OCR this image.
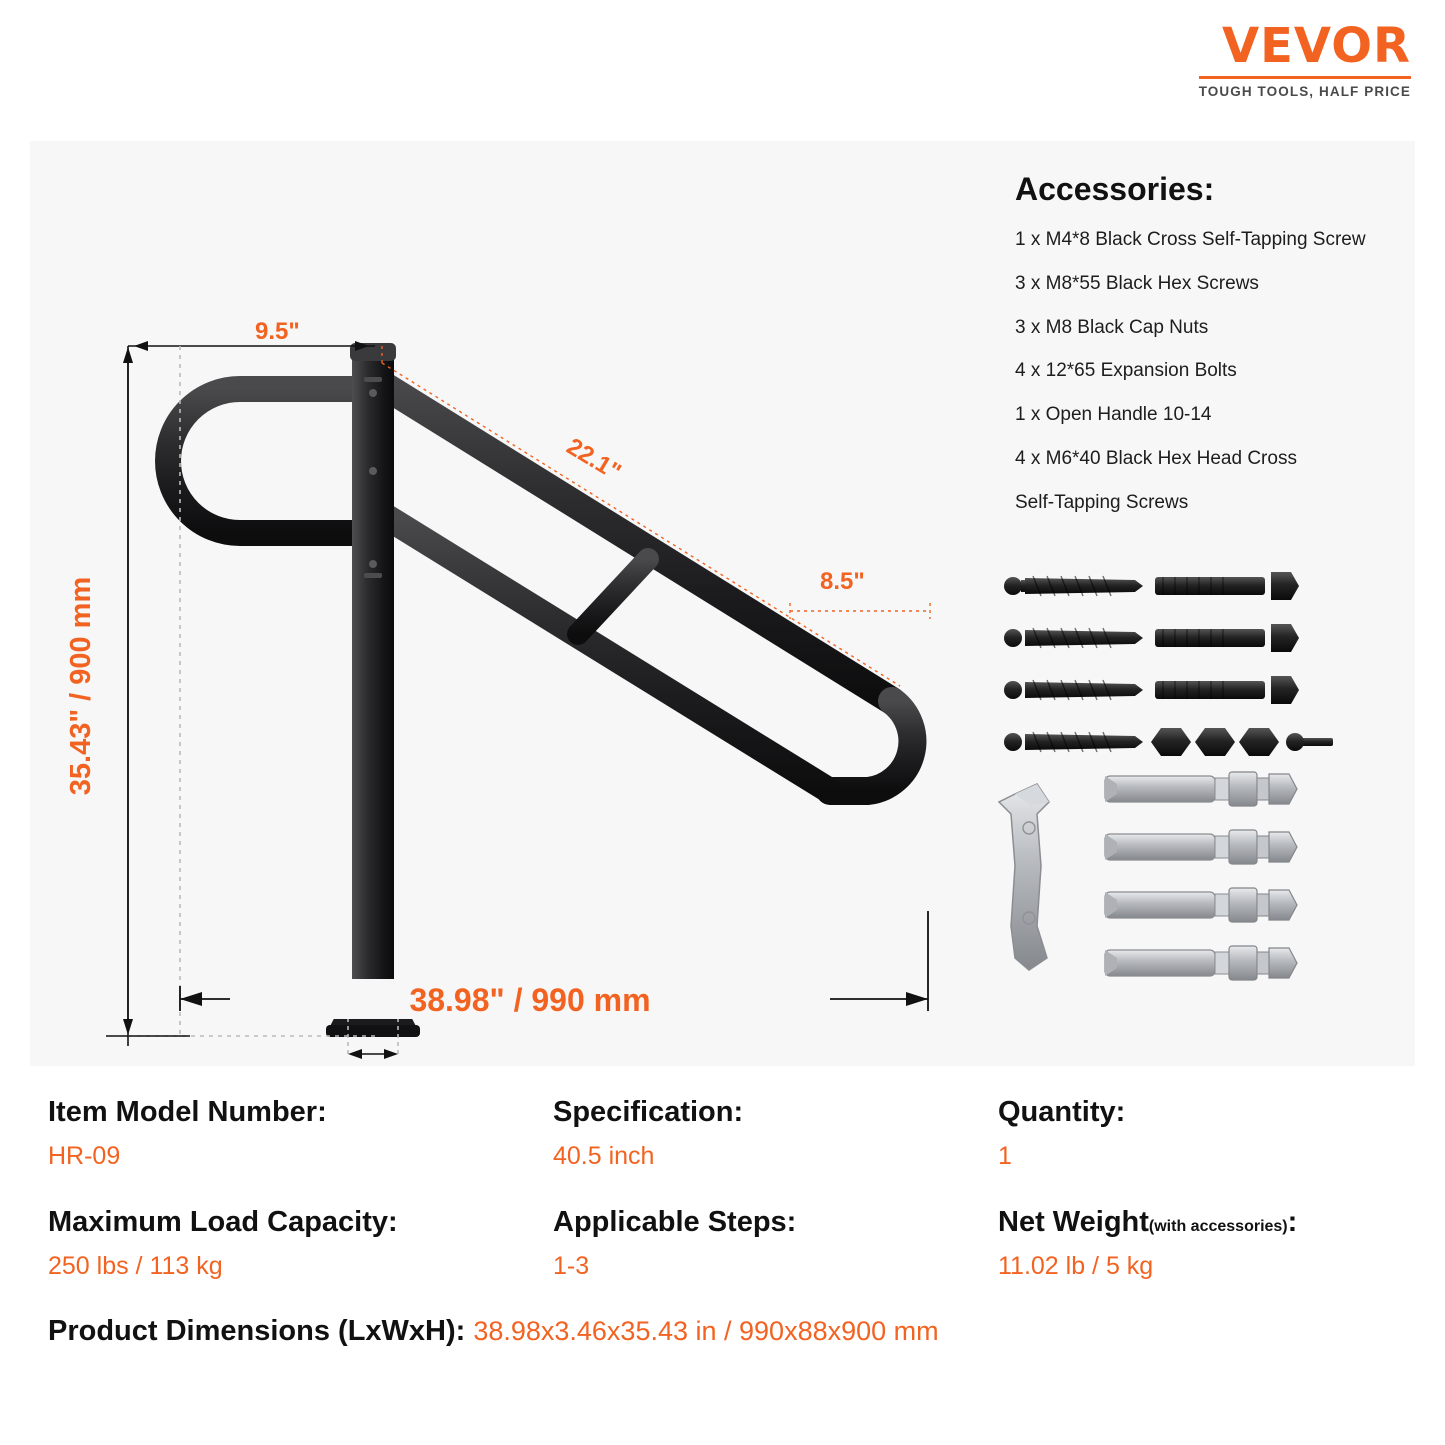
VEVOR
TOUGH TOOLS, HALF PRICE
9.5"
22.1"
8.5"
35.43" / 900 mm
38.98" / 990 mm
Accessories:
1 x M4*8 Black Cross Self-Tapping Screw
3 x M8*55 Black Hex Screws
3 x M8 Black Cap Nuts
4 x 12*65 Expansion Bolts
1 x Open Handle 10-14
4 x M6*40 Black Hex Head Cross
Self-Tapping Screws
Item Model Number:
HR-09
Specification:
40.5 inch
Quantity:
1
Maximum Load Capacity:
250 lbs / 113 kg
Applicable Steps:
1-3
Net Weight(with accessories):
11.02 lb / 5 kg
Product Dimensions (LxWxH): 38.98x3.46x35.43 in / 990x88x900 mm
